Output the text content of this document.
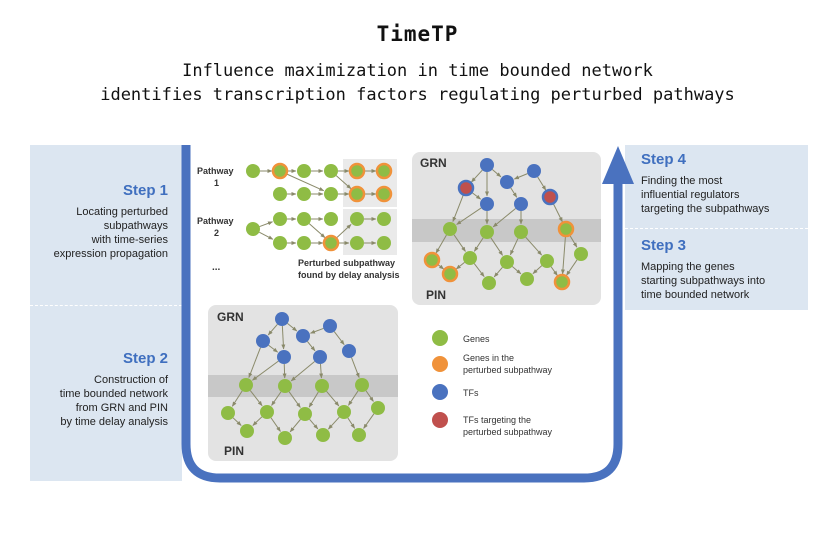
TimeTP
Influence maximization in time bounded network
identifies transcription factors regulating perturbed pathways
Step 1
Locating perturbed
subpathways
with time-series
expression propagation
Step 2
Construction of
time bounded network
from GRN and PIN
by time delay analysis
Step 4
Finding the most
influential regulators
targeting the subpathways
Step 3
Mapping the genes
starting subpathways into
time bounded network
Pathway
1
Pathway
2
...	Perturbed subpathway
found by delay analysis
GRN
PIN
GRN
PIN
Genes
Genes in the
perturbed subpathway
TFs
TFs targeting the
perturbed subpathway
